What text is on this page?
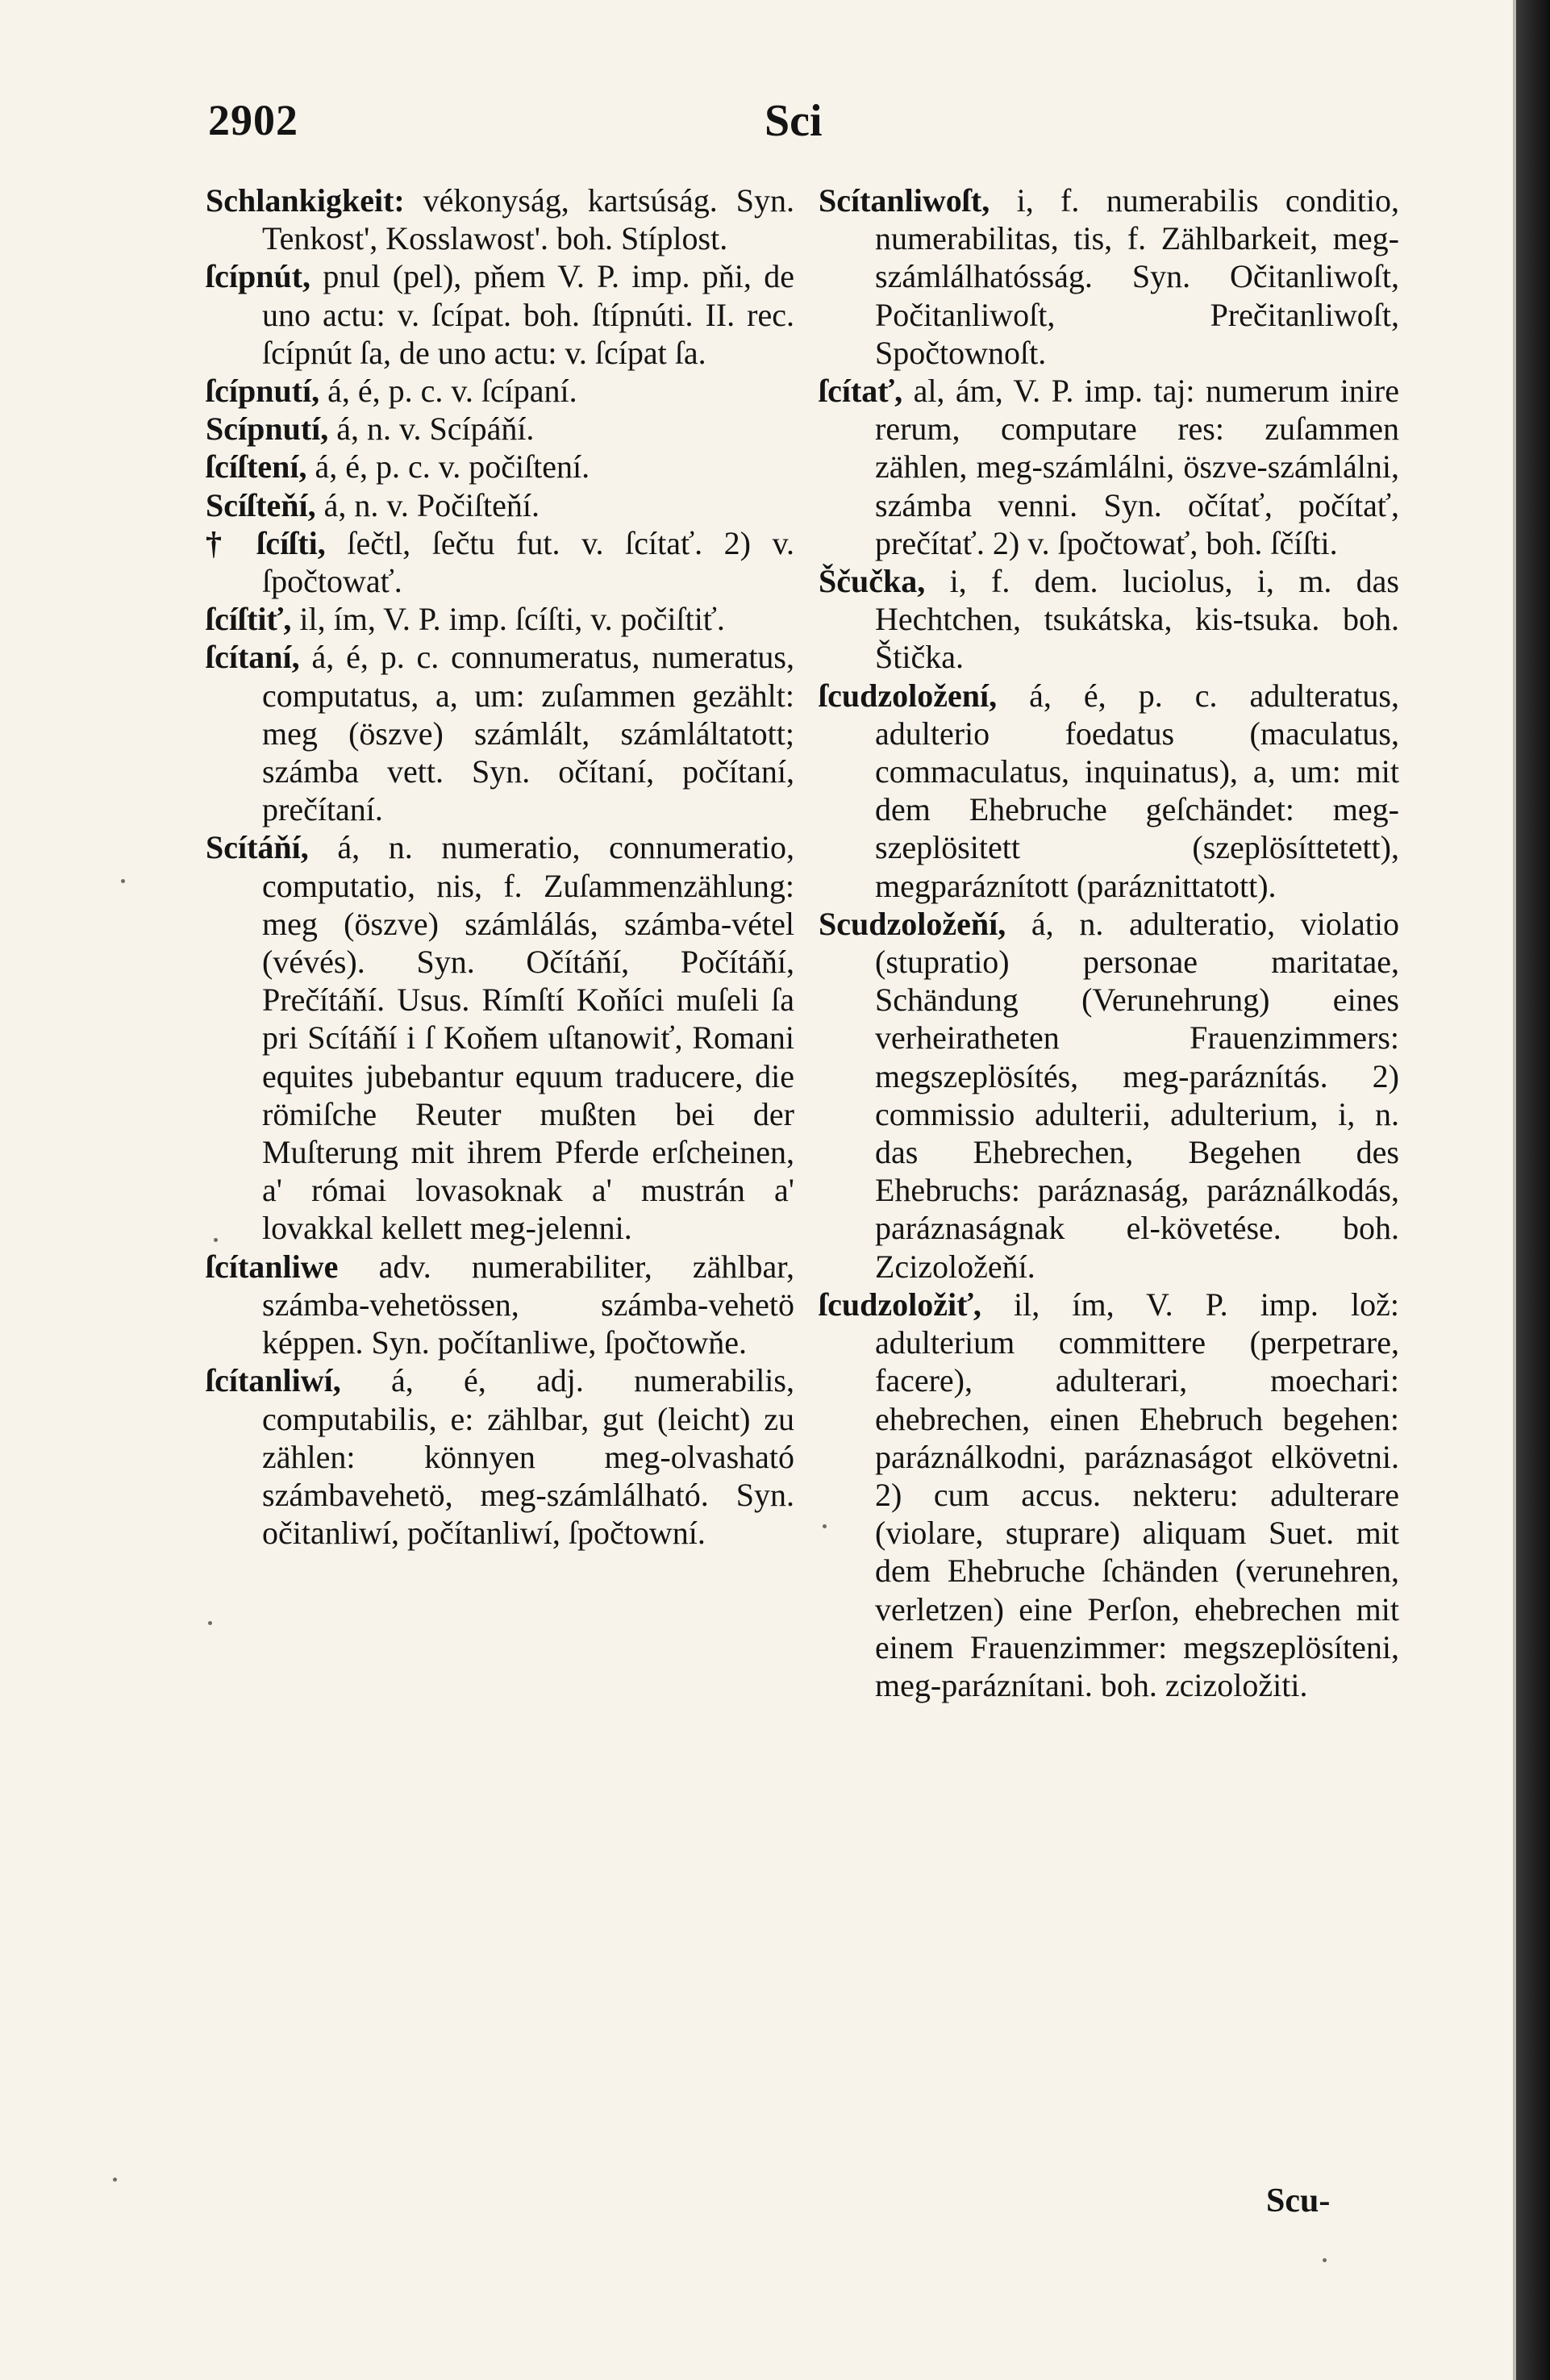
2902	Sci

Schlankigkeit: vékonyság, kartsúság. Syn. Tenkost', Kosslawost'. boh. Stíplost.

ſcípnút, pnul (pel), pňem V. P. imp. pňi, de uno actu: v. ſcípat. boh. ſtípnúti. II. rec. ſcípnút ſa, de uno actu: v. ſcípat ſa.

ſcípnutí, á, é, p. c. v. ſcípaní.

Scípnutí, á, n. v. Scípáňí.

ſcíſtení, á, é, p. c. v. počiſtení.

Scíſteňí, á, n. v. Počiſteňí.

† ſcíſti, ſečtl, ſečtu fut. v. ſcítať. 2) v. ſpočtowať.

ſcíſtiť, il, ím, V. P. imp. ſcíſti, v. počiſtiť.

ſcítaní, á, é, p. c. connumeratus, numeratus, computatus, a, um: zuſammen gezählt: meg (öszve) számlált, számláltatott; számba vett. Syn. očítaní, počítaní, prečítaní.

Scítáňí, á, n. numeratio, connumeratio, computatio, nis, f. Zuſammenzählung: meg (öszve) számlálás, számba-vétel (vévés). Syn. Očítáňí, Počítáňí, Prečítáňí. Usus. Rímſtí Koňíci muſeli ſa pri Scítáňí i ſ Koňem uſtanowiť, Romani equites jubebantur equum traducere, die römiſche Reuter mußten bei der Muſterung mit ihrem Pferde erſcheinen, a' római lovasoknak a' mustrán a' lovakkal kellett meg-jelenni.

ſcítanliwe adv. numerabiliter, zählbar, számba-vehetössen, számba-vehetö képpen. Syn. počítanliwe, ſpočtowňe.

ſcítanliwí, á, é, adj. numerabilis, computabilis, e: zählbar, gut (leicht) zu zählen: könnyen meg-olvasható számbavehetö, meg-számlálható. Syn. očitanliwí, počítanliwí, ſpočtowní.

Scítanliwoſt, i, f. numerabilis conditio, numerabilitas, tis, f. Zählbarkeit, meg-számlálhatósság. Syn. Očitanliwoſt, Počitanliwoſt, Prečitanliwoſt, Spočtownoſt.

ſcítať, al, ám, V. P. imp. taj: numerum inire rerum, computare res: zuſammen zählen, meg-számlálni, öszve-számlálni, számba venni. Syn. očítať, počítať, prečítať. 2) v. ſpočtowať, boh. ſčíſti.

Ščučka, i, f. dem. luciolus, i, m. das Hechtchen, tsukátska, kis-tsuka. boh. Štička.

ſcudzoložení, á, é, p. c. adulteratus, adulterio foedatus (maculatus, commaculatus, inquinatus), a, um: mit dem Ehebruche geſchändet: meg-szeplösitett (szeplösíttetett), megparáznított (paráznittatott).

Scudzoložeňí, á, n. adulteratio, violatio (stupratio) personae maritatae, Schändung (Verunehrung) eines verheiratheten Frauenzimmers: megszeplösítés, meg-paráznítás. 2) commissio adulterii, adulterium, i, n. das Ehebrechen, Begehen des Ehebruchs: paráznaság, paráználkodás, paráznaságnak el-követése. boh. Zcizoložeňí.

ſcudzoložiť, il, ím, V. P. imp. lož: adulterium committere (perpetrare, facere), adulterari, moechari: ehebrechen, einen Ehebruch begehen: paráználkodni, paráznaságot elkövetni. 2) cum accus. nekteru: adulterare (violare, stuprare) aliquam Suet. mit dem Ehebruche ſchänden (verunehren, verletzen) eine Perſon, ehebrechen mit einem Frauenzimmer: megszeplösíteni, meg-paráznítani. boh. zcizoložiti.

Scu-
